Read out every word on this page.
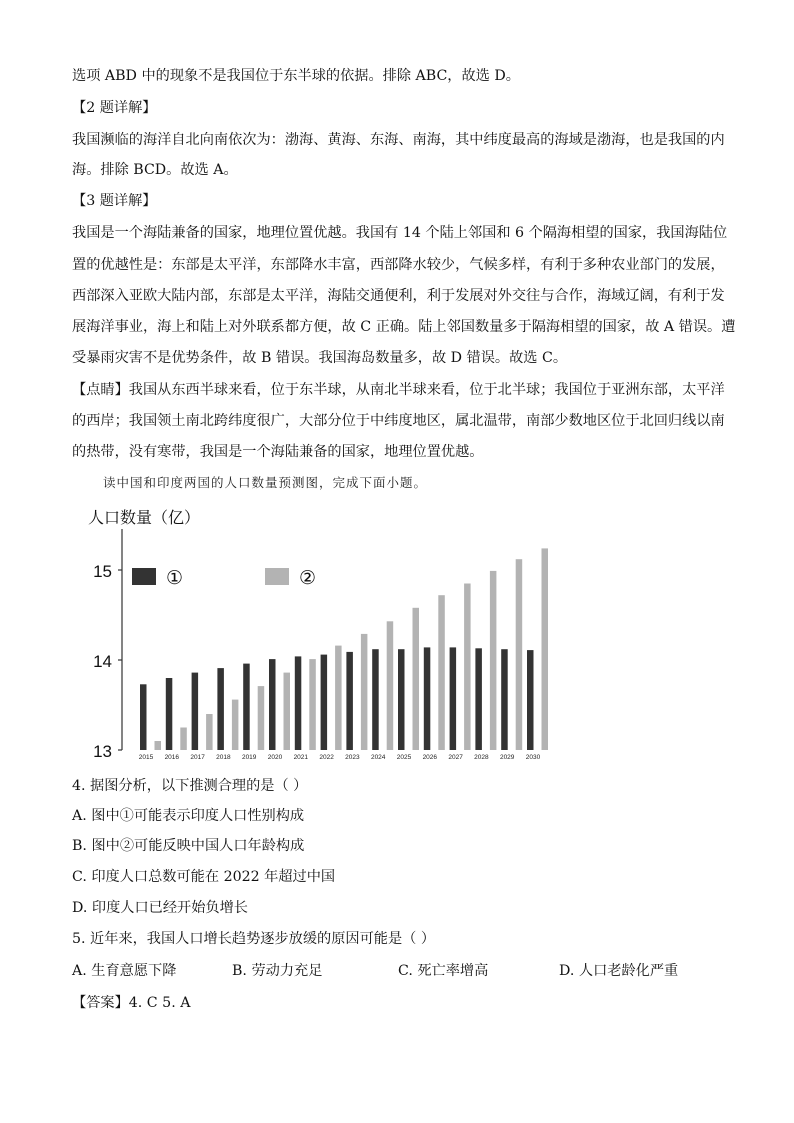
选项 ABD 中的现象不是我国位于东半球的依据。排除 ABC，故选 D。
【2 题详解】
我国濒临的海洋自北向南依次为：渤海、黄海、东海、南海，其中纬度最高的海域是渤海，也是我国的内
海。排除 BCD。故选 A。
【3 题详解】
我国是一个海陆兼备的国家，地理位置优越。我国有 14 个陆上邻国和 6 个隔海相望的国家，我国海陆位
置的优越性是：东部是太平洋，东部降水丰富，西部降水较少，气候多样，有利于多种农业部门的发展，
西部深入亚欧大陆内部，东部是太平洋，海陆交通便利，利于发展对外交往与合作，海域辽阔，有利于发
展海洋事业，海上和陆上对外联系都方便，故 C 正确。陆上邻国数量多于隔海相望的国家，故 A 错误。遭
受暴雨灾害不是优势条件，故 B 错误。我国海岛数量多，故 D 错误。故选 C。
【点睛】我国从东西半球来看，位于东半球，从南北半球来看，位于北半球；我国位于亚洲东部，太平洋
的西岸；我国领土南北跨纬度很广，大部分位于中纬度地区，属北温带，南部少数地区位于北回归线以南
的热带，没有寒带，我国是一个海陆兼备的国家，地理位置优越。
读中国和印度两国的人口数量预测图，完成下面小题。
人口数量（亿）
13
14
15
2015 2016 2017 2018 2019 2020 2021 2022 2023 2024 2025 2026 2027 2028 2029 2030
①	②
4. 据图分析，以下推测合理的是（ ）
A. 图中①可能表示印度人口性别构成
B. 图中②可能反映中国人口年龄构成
C. 印度人口总数可能在 2022 年超过中国
D. 印度人口已经开始负增长
5. 近年来，我国人口增长趋势逐步放缓的原因可能是（ ）
A. 生育意愿下降	B. 劳动力充足	C. 死亡率增高	D. 人口老龄化严重
【答案】4. C 5. A
